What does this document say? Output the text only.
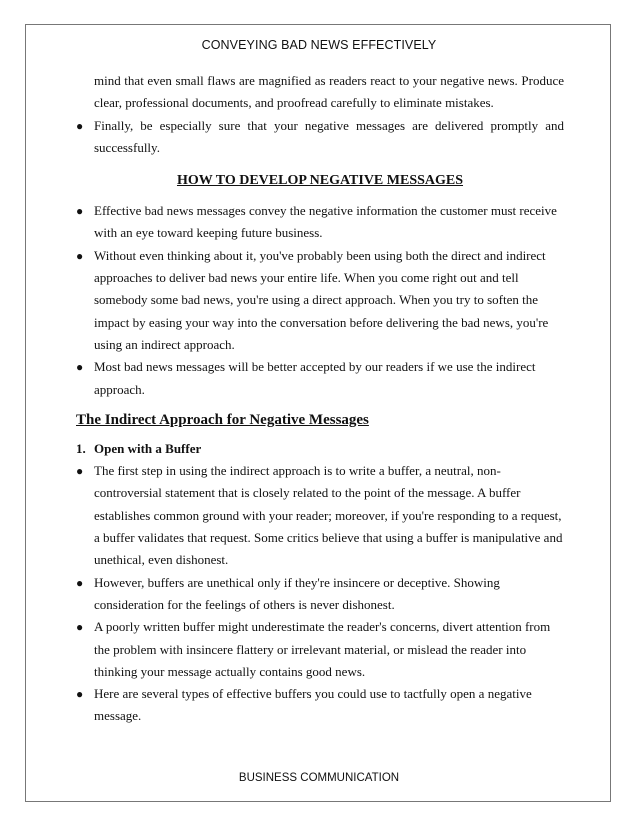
CONVEYING BAD NEWS EFFECTIVELY

mind that even small flaws are magnified as readers react to your negative news. Produce clear, professional documents, and proofread carefully to eliminate mistakes.

● Finally, be especially sure that your negative messages are delivered promptly and successfully.
HOW TO DEVELOP NEGATIVE MESSAGES
● Effective bad news messages convey the negative information the customer must receive with an eye toward keeping future business.
● Without even thinking about it, you've probably been using both the direct and indirect approaches to deliver bad news your entire life. When you come right out and tell somebody some bad news, you're using a direct approach. When you try to soften the impact by easing your way into the conversation before delivering the bad news, you're using an indirect approach.
● Most bad news messages will be better accepted by our readers if we use the indirect approach.
The Indirect Approach for Negative Messages
1. Open with a Buffer
● The first step in using the indirect approach is to write a buffer, a neutral, non-controversial statement that is closely related to the point of the message. A buffer establishes common ground with your reader; moreover, if you're responding to a request, a buffer validates that request. Some critics believe that using a buffer is manipulative and unethical, even dishonest.
● However, buffers are unethical only if they're insincere or deceptive. Showing consideration for the feelings of others is never dishonest.
● A poorly written buffer might underestimate the reader's concerns, divert attention from the problem with insincere flattery or irrelevant material, or mislead the reader into thinking your message actually contains good news.
● Here are several types of effective buffers you could use to tactfully open a negative message.
BUSINESS COMMUNICATION
